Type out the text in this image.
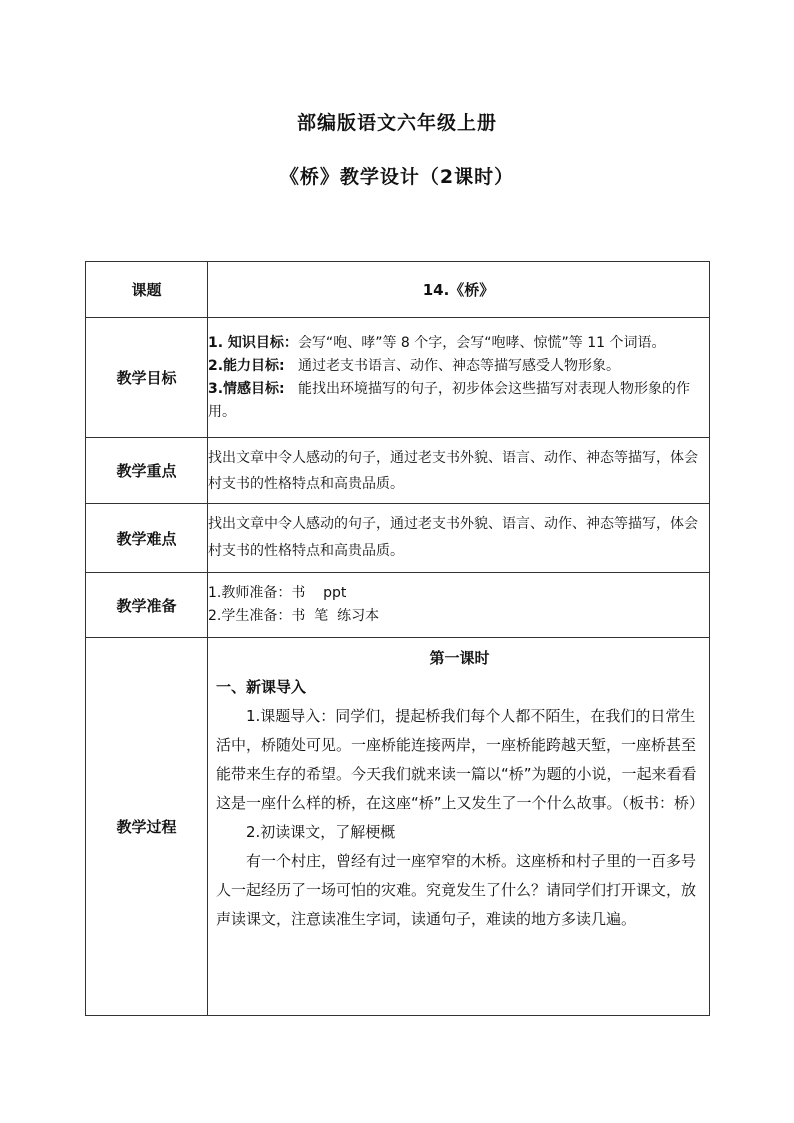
部编版语文六年级上册
《桥》教学设计（2课时）
课题	14.《桥》
教学目标	1. 知识目标：会写“咆、哮”等 8 个字，会写“咆哮、惊慌”等 11 个词语。
2.能力目标: 通过老支书语言、动作、神态等描写感受人物形象。
3.情感目标: 能找出环境描写的句子，初步体会这些描写对表现人物形象的作用。

教学重点	找出文章中令人感动的句子，通过老支书外貌、语言、动作、神态等描写，体会村支书的性格特点和高贵品质。
教学难点	找出文章中令人感动的句子，通过老支书外貌、语言、动作、神态等描写，体会村支书的性格特点和高贵品质。
教学准备	1.教师准备：书    ppt
2.学生准备：书  笔  练习本

教学过程	第一课时
一、新课导入
1.课题导入：同学们，提起桥我们每个人都不陌生，在我们的日常生活中，桥随处可见。一座桥能连接两岸，一座桥能跨越天堑，一座桥甚至能带来生存的希望。今天我们就来读一篇以“桥”为题的小说，一起来看看这是一座什么样的桥，在这座“桥”上又发生了一个什么故事。（板书：桥）
2.初读课文，了解梗概
有一个村庄，曾经有过一座窄窄的木桥。这座桥和村子里的一百多号人一起经历了一场可怕的灾难。究竟发生了什么？请同学们打开课文，放声读课文，注意读准生字词，读通句子，难读的地方多读几遍。
